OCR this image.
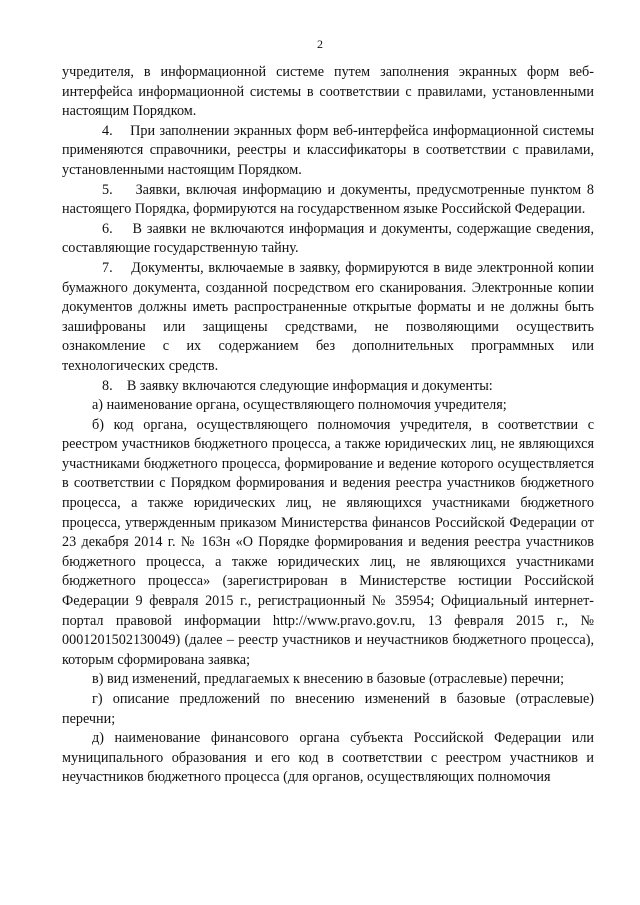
2

учредителя, в информационной системе путем заполнения экранных форм веб-интерфейса информационной системы в соответствии с правилами, установленными настоящим Порядком.

4.    При заполнении экранных форм веб-интерфейса информационной системы применяются справочники, реестры и классификаторы в соответствии с правилами, установленными настоящим Порядком.

5.    Заявки, включая информацию и документы, предусмотренные пунктом 8 настоящего Порядка, формируются на государственном языке Российской Федерации.

6.    В заявки не включаются информация и документы, содержащие сведения, составляющие государственную тайну.

7.    Документы, включаемые в заявку, формируются в виде электронной копии бумажного документа, созданной посредством его сканирования. Электронные копии документов должны иметь распространенные открытые форматы и не должны быть зашифрованы или защищены средствами, не позволяющими осуществить ознакомление с их содержанием без дополнительных программных или технологических средств.

8.    В заявку включаются следующие информация и документы:

а) наименование органа, осуществляющего полномочия учредителя;

б) код органа, осуществляющего полномочия учредителя, в соответствии с реестром участников бюджетного процесса, а также юридических лиц, не являющихся участниками бюджетного процесса, формирование и ведение которого осуществляется в соответствии с Порядком формирования и ведения реестра участников бюджетного процесса, а также юридических лиц, не являющихся участниками бюджетного процесса, утвержденным приказом Министерства финансов Российской Федерации от 23 декабря 2014 г. № 163н «О Порядке формирования и ведения реестра участников бюджетного процесса, а также юридических лиц, не являющихся участниками бюджетного процесса» (зарегистрирован в Министерстве юстиции Российской Федерации 9 февраля 2015 г., регистрационный № 35954; Официальный интернет-портал правовой информации http://www.pravo.gov.ru, 13 февраля 2015 г., № 0001201502130049) (далее – реестр участников и неучастников бюджетного процесса), которым сформирована заявка;

в) вид изменений, предлагаемых к внесению в базовые (отраслевые) перечни;

г) описание предложений по внесению изменений в базовые (отраслевые) перечни;

д) наименование финансового органа субъекта Российской Федерации или муниципального образования и его код в соответствии с реестром участников и неучастников бюджетного процесса (для органов, осуществляющих полномочия
